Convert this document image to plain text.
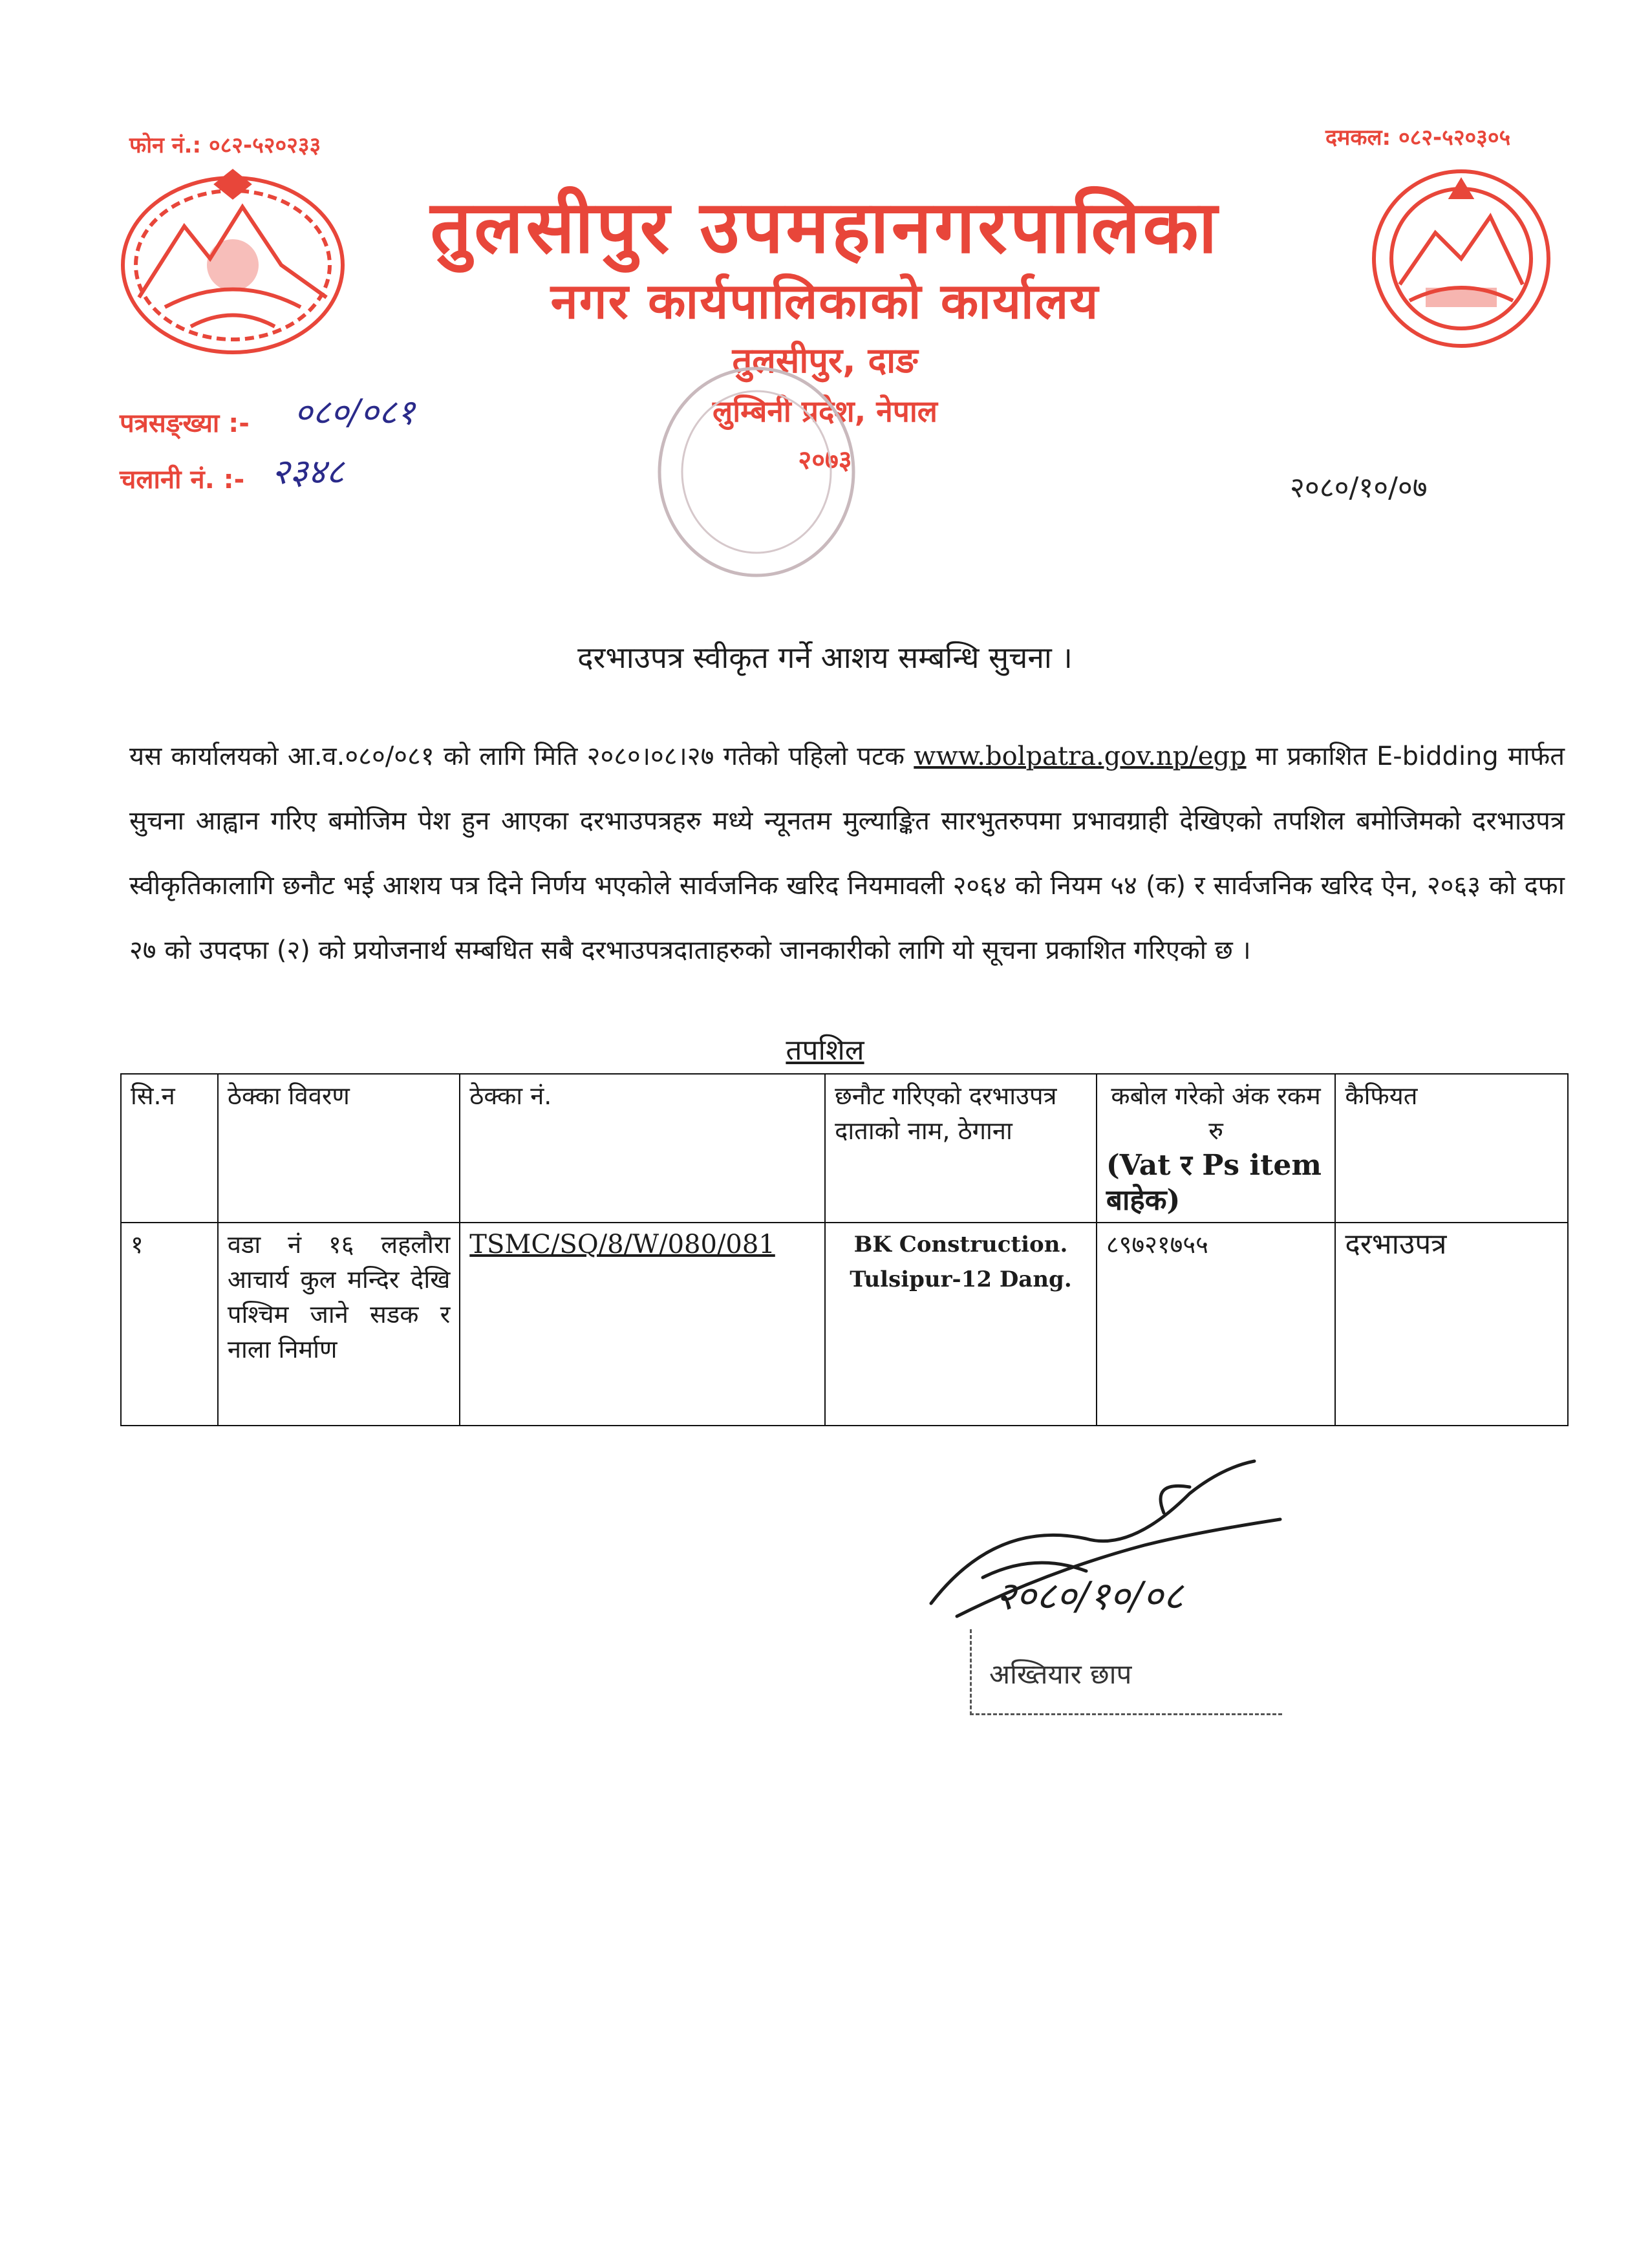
फोन नं.: ०८२-५२०२३३	दमकल: ०८२-५२०३०५
तुलसीपुर उपमहानगरपालिका
नगर कार्यपालिकाको कार्यालय
तुलसीपुर, दाङ
लुम्बिनी प्रदेश, नेपाल
२०७३
पत्रसङ्ख्या :- ०८०/०८१
चलानी नं. :- २३४८	२०८०/१०/०७
दरभाउपत्र स्वीकृत गर्ने आशय सम्बन्धि सुचना ।
यस कार्यालयको आ.व.०८०/०८१ को लागि मिति २०८०।०८।२७ गतेको पहिलो पटक www.bolpatra.gov.np/egp मा प्रकाशित E-bidding मार्फत सुचना आह्वान गरिए बमोजिम पेश हुन आएका दरभाउपत्रहरु मध्ये न्यूनतम मुल्याङ्कित सारभुतरुपमा प्रभावग्राही देखिएको तपशिल बमोजिमको दरभाउपत्र स्वीकृतिकालागि छनौट भई आशय पत्र दिने निर्णय भएकोले सार्वजनिक खरिद नियमावली २०६४ को नियम ५४ (क) र सार्वजनिक खरिद ऐन, २०६३ को दफा २७ को उपदफा (२) को प्रयोजनार्थ सम्बधित सबै दरभाउपत्रदाताहरुको जानकारीको लागि यो सूचना प्रकाशित गरिएको छ ।
तपशिल
सि.न	ठेक्का विवरण	ठेक्का नं.	छनौट गरिएको दरभाउपत्र दाताको नाम, ठेगाना	कबोल गरेको अंक रकम रु
(Vat र Ps item बाहेक)	कैफियत
१	वडा नं १६ लहलौरा आचार्य कुल मन्दिर देखि पश्चिम जाने सडक र नाला निर्माण	TSMC/SQ/8/W/080/081	BK Construction.
Tulsipur-12 Dang.	८९७२१७५५	दरभाउपत्र
२०८०/१०/०८
अख्तियार छाप
